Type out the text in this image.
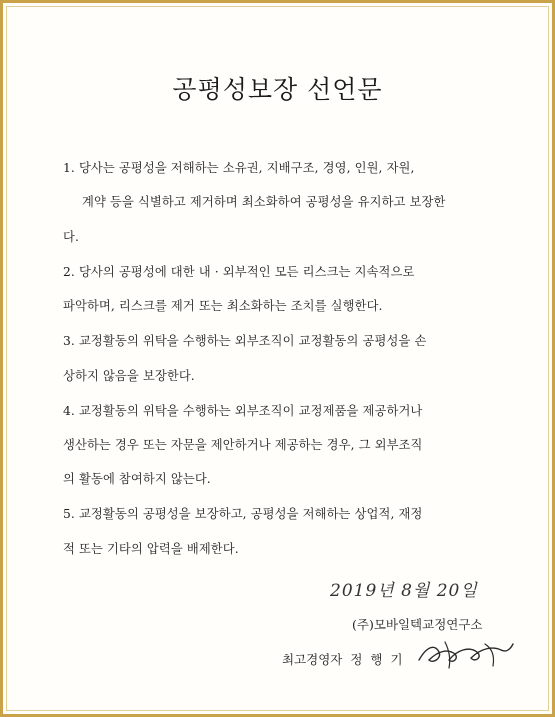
공평성보장 선언문
1. 당사는 공평성을 저해하는 소유권, 지배구조, 경영, 인원, 자원,
계약 등을 식별하고 제거하며 최소화하여 공평성을 유지하고 보장한
다.
2. 당사의 공평성에 대한 내 · 외부적인 모든 리스크는 지속적으로
파악하며, 리스크를 제거 또는 최소화하는 조치를 실행한다.
3. 교정활동의 위탁을 수행하는 외부조직이 교정활동의 공평성을 손
상하지 않음을 보장한다.
4. 교정활동의 위탁을 수행하는 외부조직이 교정제품을 제공하거나
생산하는 경우 또는 자문을 제안하거나 제공하는 경우, 그 외부조직
의 활동에 참여하지 않는다.
5. 교정활동의 공평성을 보장하고, 공평성을 저해하는 상업적, 재정
적 또는 기타의 압력을 배제한다.
2019년 8월 20일
(주)모바일텍교정연구소
최고경영자 정 행 기
